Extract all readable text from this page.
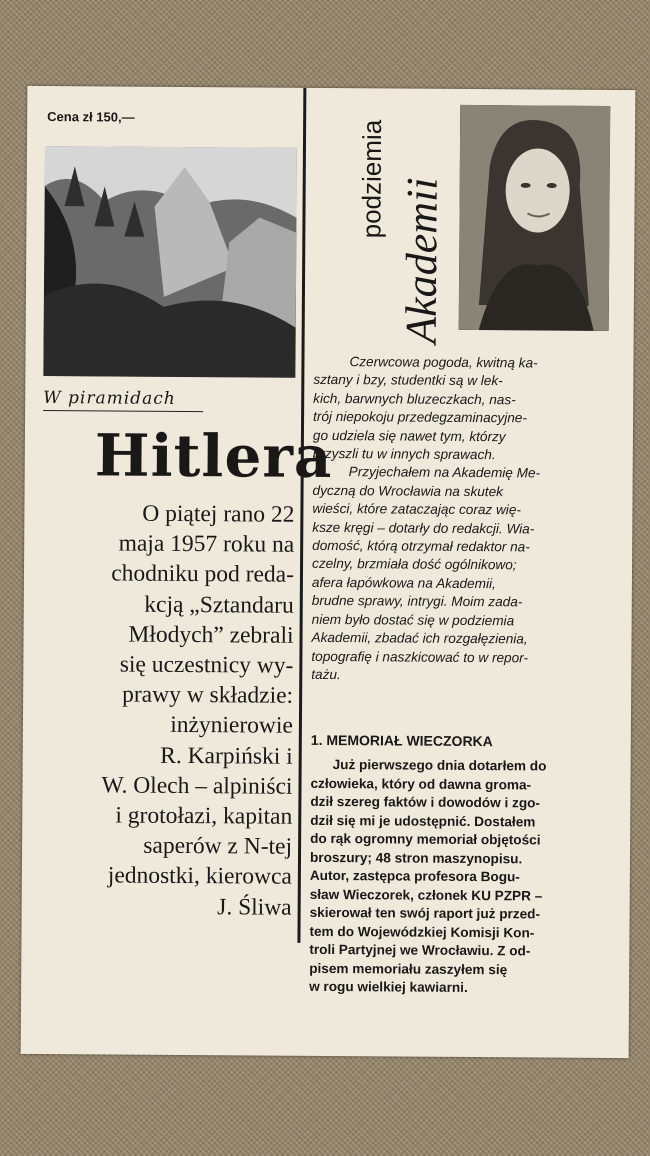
Cena zł 150,—
podziemia Akademii
W piramidach
Hitlera
O piątej rano 22
maja 1957 roku na
chodniku pod reda-
kcją „Sztandaru
Młodych” zebrali
się uczestnicy wy-
prawy w składzie:
inżynierowie
R. Karpiński i
W. Olech – alpiniści
i grotołazi, kapitan
saperów z N-tej
jednostki, kierowca
J. Śliwa
Czerwcowa pogoda, kwitną ka-
sztany i bzy, studentki są w lek-
kich, barwnych bluzeczkach, nas-
trój niepokoju przedegzaminacyjne-
go udziela się nawet tym, którzy
przyszli tu w innych sprawach.
Przyjechałem na Akademię Me-
dyczną do Wrocławia na skutek
wieści, które zataczając coraz wię-
ksze kręgi – dotarły do redakcji. Wia-
domość, którą otrzymał redaktor na-
czelny, brzmiała dość ogólnikowo;
afera łapówkowa na Akademii,
brudne sprawy, intrygi. Moim zada-
niem było dostać się w podziemia
Akademii, zbadać ich rozgałęzienia,
topografię i naszkicować to w repor-
tażu.
1. MEMORIAŁ WIECZORKA
Już pierwszego dnia dotarłem do
człowieka, który od dawna groma-
dził szereg faktów i dowodów i zgo-
dził się mi je udostępnić. Dostałem
do rąk ogromny memoriał objętości
broszury; 48 stron maszynopisu.
Autor, zastępca profesora Bogu-
sław Wieczorek, członek KU PZPR –
skierował ten swój raport już przed-
tem do Wojewódzkiej Komisji Kon-
troli Partyjnej we Wrocławiu. Z od-
pisem memoriału zaszyłem się
w rogu wielkiej kawiarni.
